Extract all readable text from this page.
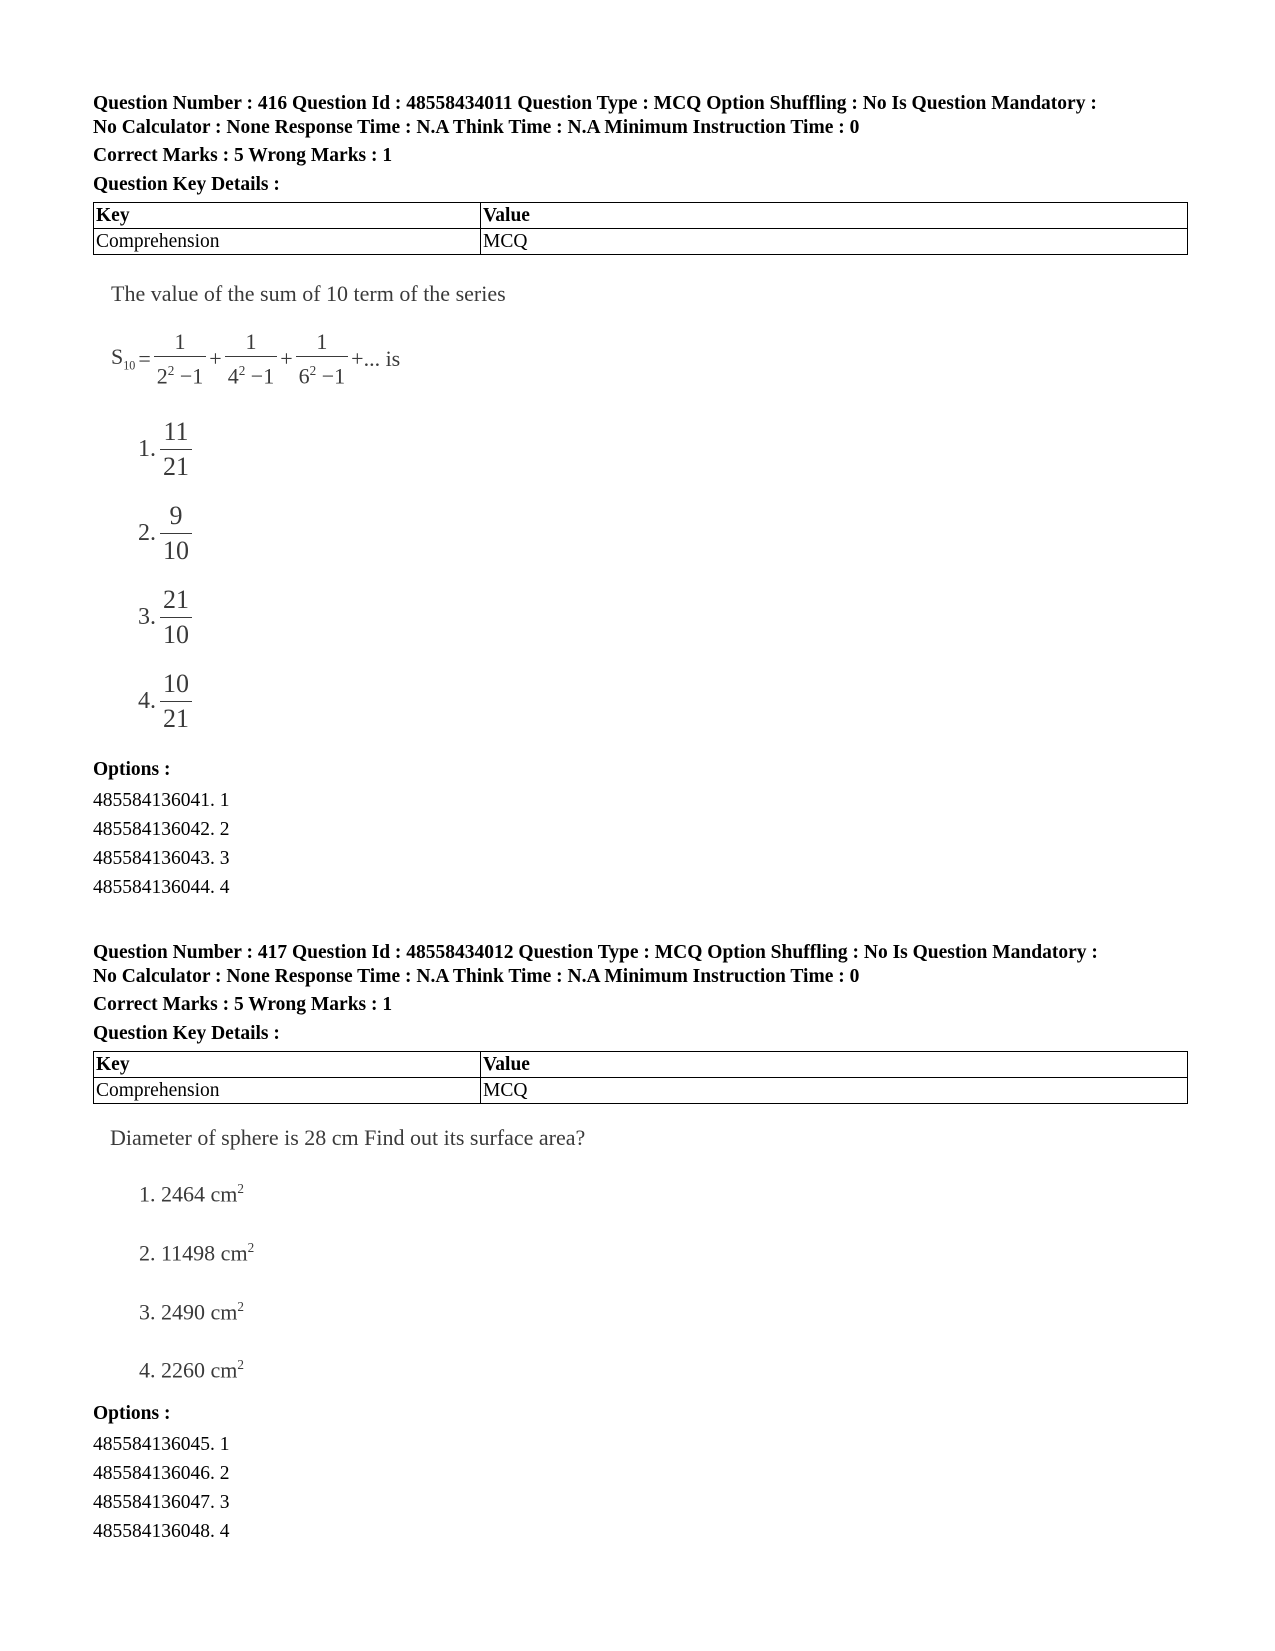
Question Number : 416 Question Id : 48558434011 Question Type : MCQ Option Shuffling : No Is Question Mandatory :
No Calculator : None Response Time : N.A Think Time : N.A Minimum Instruction Time : 0
Correct Marks : 5 Wrong Marks : 1
Question Key Details :
Key	Value
Comprehension	MCQ
The value of the sum of 10 term of the series
$S_{10} = \frac{1}{2^2 -1} + \frac{1}{4^2 -1} + \frac{1}{6^2 -1}$ +... is
1. $\frac{11}{21}$
2. $\frac{9}{10}$
3. $\frac{21}{10}$
4. $\frac{10}{21}$
Options :
485584136041. 1
485584136042. 2
485584136043. 3
485584136044. 4
Question Number : 417 Question Id : 48558434012 Question Type : MCQ Option Shuffling : No Is Question Mandatory :
No Calculator : None Response Time : N.A Think Time : N.A Minimum Instruction Time : 0
Correct Marks : 5 Wrong Marks : 1
Question Key Details :
Key	Value
Comprehension	MCQ
Diameter of sphere is 28 cm Find out its surface area?
1. 2464 $cm^2$
2. 11498 $cm^2$
3. 2490 $cm^2$
4. 2260 $cm^2$
Options :
485584136045. 1
485584136046. 2
485584136047. 3
485584136048. 4
